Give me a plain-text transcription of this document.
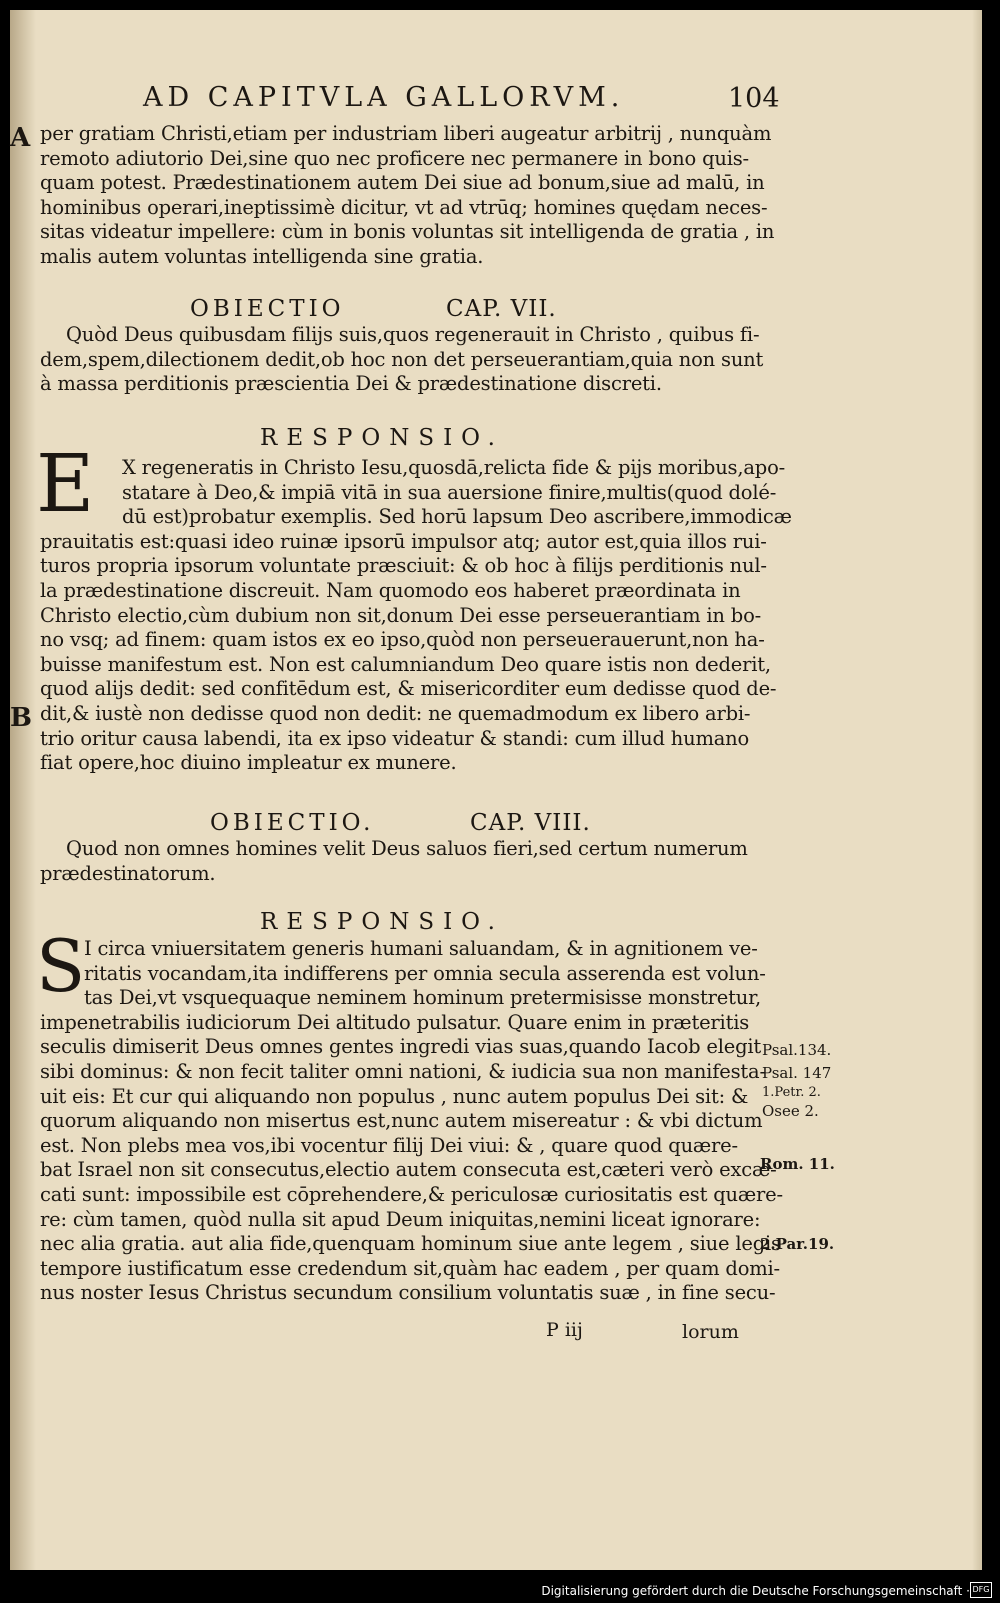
AD CAPITVLA GALLORVM.	104
A per gratiam Christi,etiam per industriam liberi augeatur arbitrij , nunquàm
remoto adiutorio Dei,sine quo nec proficere nec permanere in bono quis-
quam potest. Prædestinationem autem Dei siue ad bonum,siue ad malū, in
hominibus operari,ineptissimè dicitur, vt ad vtrūq; homines quędam neces-
sitas videatur impellere: cùm in bonis voluntas sit intelligenda de gratia , in
malis autem voluntas intelligenda sine gratia.
OBIECTIO	CAP. VII.
Quòd Deus quibusdam filijs suis,quos regenerauit in Christo , quibus fi-
dem,spem,dilectionem dedit,ob hoc non det perseuerantiam,quia non sunt
à massa perditionis præscientia Dei & prædestinatione discreti.
RESPONSIO.
E	X regeneratis in Christo Iesu,quosdā,relicta fide & pijs moribus,apo-
statare à Deo,& impiā vitā in sua auersione finire,multis(quod dolé-
dū est)probatur exemplis. Sed horū lapsum Deo ascribere,immodicæ
prauitatis est:quasi ideo ruinæ ipsorū impulsor atq; autor est,quia illos rui-
turos propria ipsorum voluntate præsciuit: & ob hoc à filijs perditionis nul-
la prædestinatione discreuit. Nam quomodo eos haberet præordinata in
Christo electio,cùm dubium non sit,donum Dei esse perseuerantiam in bo-
no vsq; ad finem: quam istos ex eo ipso,quòd non perseuerauerunt,non ha-
buisse manifestum est. Non est calumniandum Deo quare istis non dederit,
quod alijs dedit: sed confitēdum est, & misericorditer eum dedisse quod de-
dit,& iustè non dedisse quod non dedit: ne quemadmodum ex libero arbi-
trio oritur causa labendi, ita ex ipso videatur & standi: cum illud humano
fiat opere,hoc diuino impleatur ex munere.
B
OBIECTIO.	CAP. VIII.
Quod non omnes homines velit Deus saluos fieri,sed certum numerum
prædestinatorum.
RESPONSIO.
S
I circa vniuersitatem generis humani saluandam, & in agnitionem ve-
ritatis vocandam,ita indifferens per omnia secula asserenda est volun-
tas Dei,vt vsquequaque neminem hominum pretermisisse monstretur,
impenetrabilis iudiciorum Dei altitudo pulsatur. Quare enim in præteritis
seculis dimiserit Deus omnes gentes ingredi vias suas,quando Iacob elegit
sibi dominus: & non fecit taliter omni nationi, & iudicia sua non manifesta-
uit eis: Et cur qui aliquando non populus , nunc autem populus Dei sit: &
quorum aliquando non misertus est,nunc autem misereatur : & vbi dictum
est. Non plebs mea vos,ibi vocentur filij Dei viui: & , quare quod quære-
bat Israel non sit consecutus,electio autem consecuta est,cæteri verò excæ-
cati sunt: impossibile est cōprehendere,& periculosæ curiositatis est quære-
re: cùm tamen, quòd nulla sit apud Deum iniquitas,nemini liceat ignorare:
nec alia gratia. aut alia fide,quenquam hominum siue ante legem , siue legis
tempore iustificatum esse credendum sit,quàm hac eadem , per quam domi-
nus noster Iesus Christus secundum consilium voluntatis suæ , in fine secu-
P iij	lorum
Psal.134.
Psal. 147
1.Petr. 2.
Osee 2.
Rom. 11.
2.Par.19.
Digitalisierung gefördert durch die Deutsche Forschungsgemeinschaft · DFG
